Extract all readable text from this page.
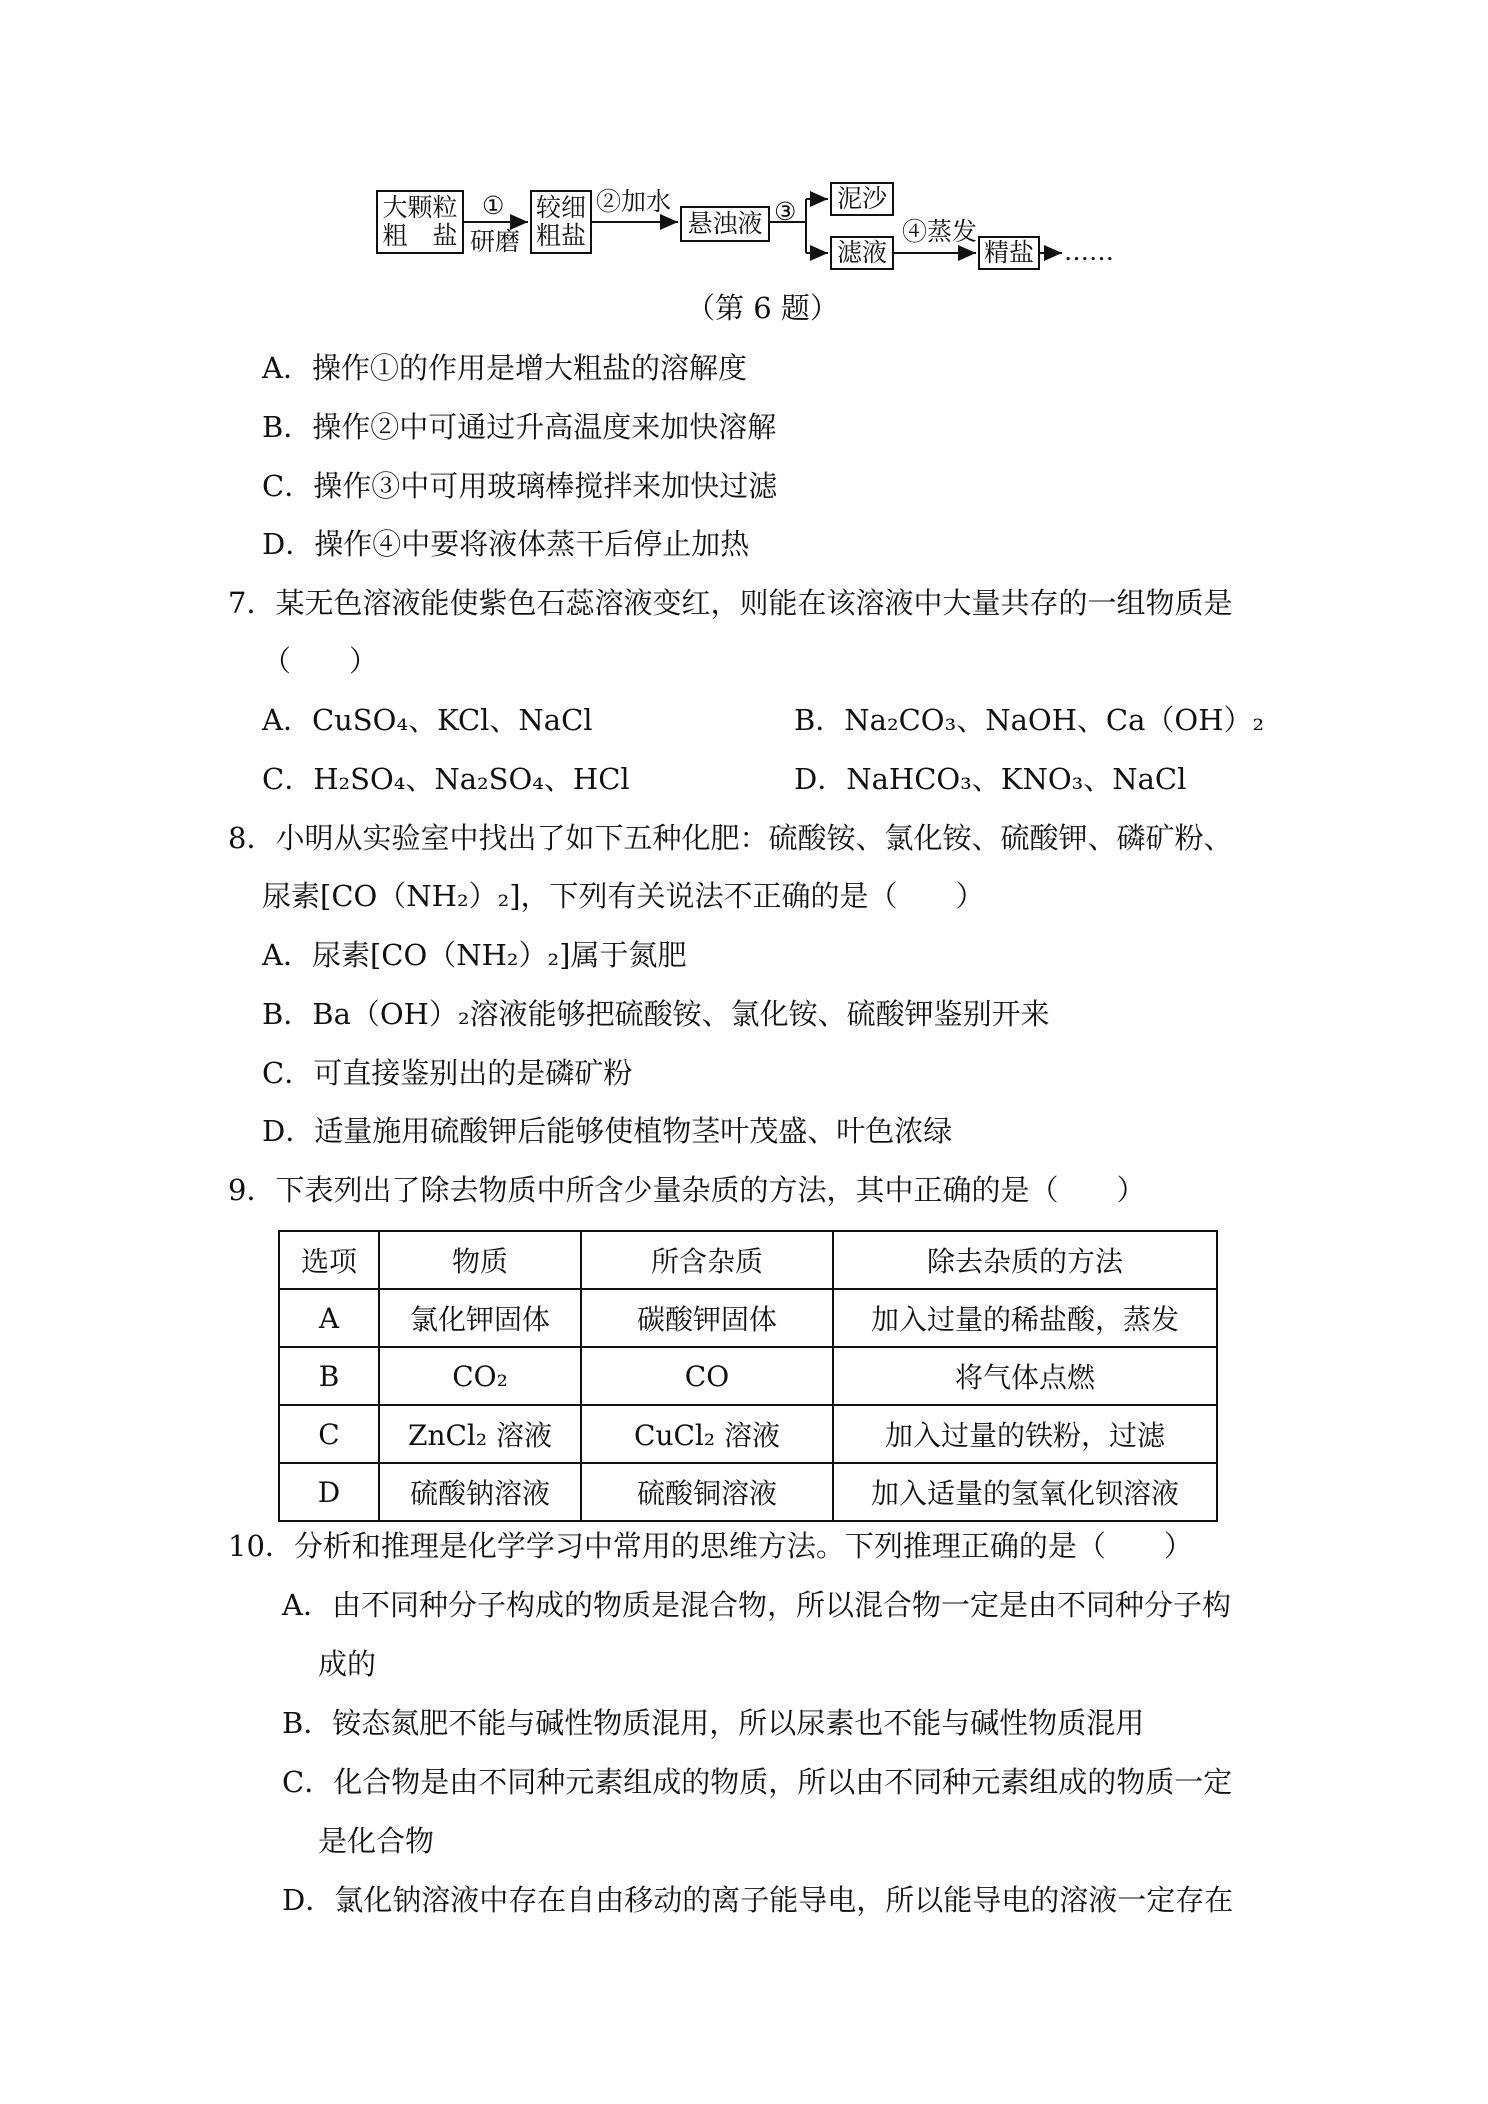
大颗粒
粗　盐
①
研磨
较细
粗盐
②加水
悬浊液 ③ 泥沙
滤液
④蒸发
精盐 ……
（第 6 题）
A．操作①的作用是增大粗盐的溶解度
B．操作②中可通过升高温度来加快溶解
C．操作③中可用玻璃棒搅拌来加快过滤
D．操作④中要将液体蒸干后停止加热
7．某无色溶液能使紫色石蕊溶液变红，则能在该溶液中大量共存的一组物质是
（　　）
A．CuSO₄、KCl、NaCl	B．Na₂CO₃、NaOH、Ca（OH）₂
C．H₂SO₄、Na₂SO₄、HCl	D．NaHCO₃、KNO₃、NaCl
8．小明从实验室中找出了如下五种化肥：硫酸铵、氯化铵、硫酸钾、磷矿粉、
尿素[CO（NH₂）₂]，下列有关说法不正确的是（　　）
A．尿素[CO（NH₂）₂]属于氮肥
B．Ba（OH）₂溶液能够把硫酸铵、氯化铵、硫酸钾鉴别开来
C．可直接鉴别出的是磷矿粉
D．适量施用硫酸钾后能够使植物茎叶茂盛、叶色浓绿
9．下表列出了除去物质中所含少量杂质的方法，其中正确的是（　　）
选项	物质	所含杂质	除去杂质的方法
A	氯化钾固体	碳酸钾固体	加入过量的稀盐酸，蒸发
B	CO₂	CO	将气体点燃
C	ZnCl₂ 溶液	CuCl₂ 溶液	加入过量的铁粉，过滤
D	硫酸钠溶液	硫酸铜溶液	加入适量的氢氧化钡溶液
10．分析和推理是化学学习中常用的思维方法。下列推理正确的是（　　）
A．由不同种分子构成的物质是混合物，所以混合物一定是由不同种分子构
成的
B．铵态氮肥不能与碱性物质混用，所以尿素也不能与碱性物质混用
C．化合物是由不同种元素组成的物质，所以由不同种元素组成的物质一定
是化合物
D．氯化钠溶液中存在自由移动的离子能导电，所以能导电的溶液一定存在
